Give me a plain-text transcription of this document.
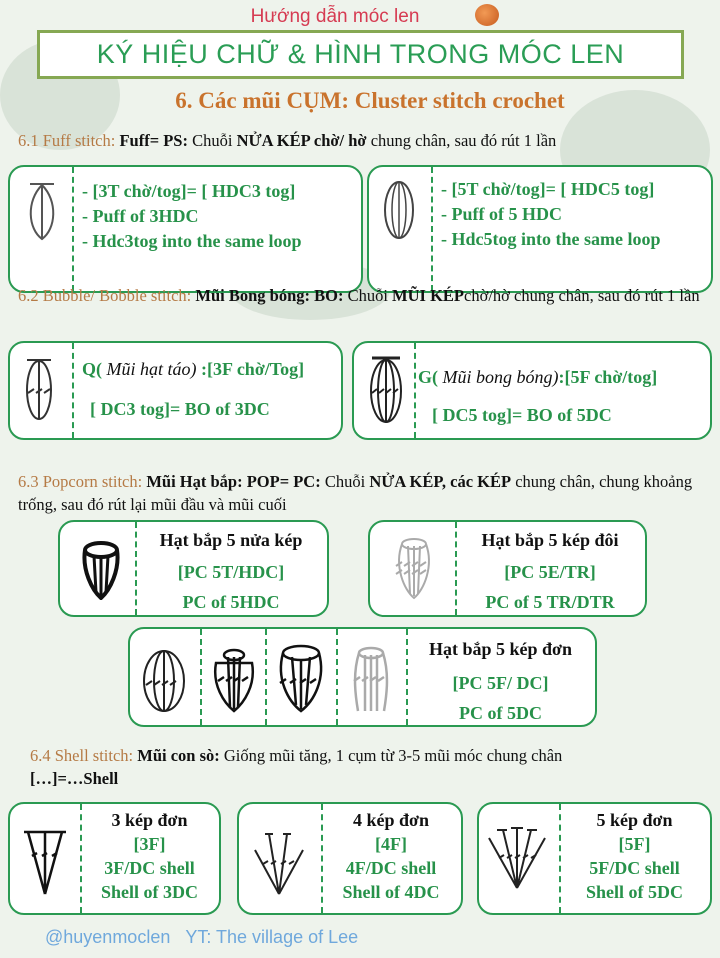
Hướng dẫn móc len
KÝ HIỆU CHỮ & HÌNH TRONG MÓC LEN
6. Các mũi CỤM: Cluster stitch crochet
6.1 Fuff stitch: Fuff= PS: Chuỗi NỬA KÉP chờ/ hờ chung chân, sau đó rút 1 lần
- [3T chờ/tog]= [ HDC3 tog]
- Puff of 3HDC
- Hdc3tog into the same loop
- [5T chờ/tog]= [ HDC5 tog]
- Puff of 5 HDC
- Hdc5tog into the same loop
6.2 Bubble/ Bobble stitch: Mũi Bong bóng: BO: Chuỗi MŨI KÉPchờ/hờ chung chân, sau đó rút 1 lần
Q( Mũi hạt táo) :[3F chờ/Tog]
[ DC3 tog]= BO of 3DC
G( Mũi bong bóng):[5F chờ/tog]
[ DC5 tog]= BO of 5DC
6.3 Popcorn stitch: Mũi Hạt bắp: POP= PC: Chuỗi NỬA KÉP, các KÉP chung chân, chung khoảng trống, sau đó rút lại mũi đầu và mũi cuối
Hạt bắp 5 nửa kép
[PC 5T/HDC]
PC of 5HDC
Hạt bắp 5 kép đôi
[PC 5E/TR]
PC of 5 TR/DTR
Hạt bắp 5 kép đơn
[PC 5F/ DC]
PC of 5DC
6.4 Shell stitch: Mũi con sò: Giống mũi tăng, 1 cụm từ 3-5 mũi móc chung chân
[…]=…Shell
3 kép đơn
[3F]
3F/DC shell
Shell of 3DC
4 kép đơn
[4F]
4F/DC shell
Shell of 4DC
5 kép đơn
[5F]
5F/DC shell
Shell of 5DC
@huyenmoclen YT: The village of Lee
